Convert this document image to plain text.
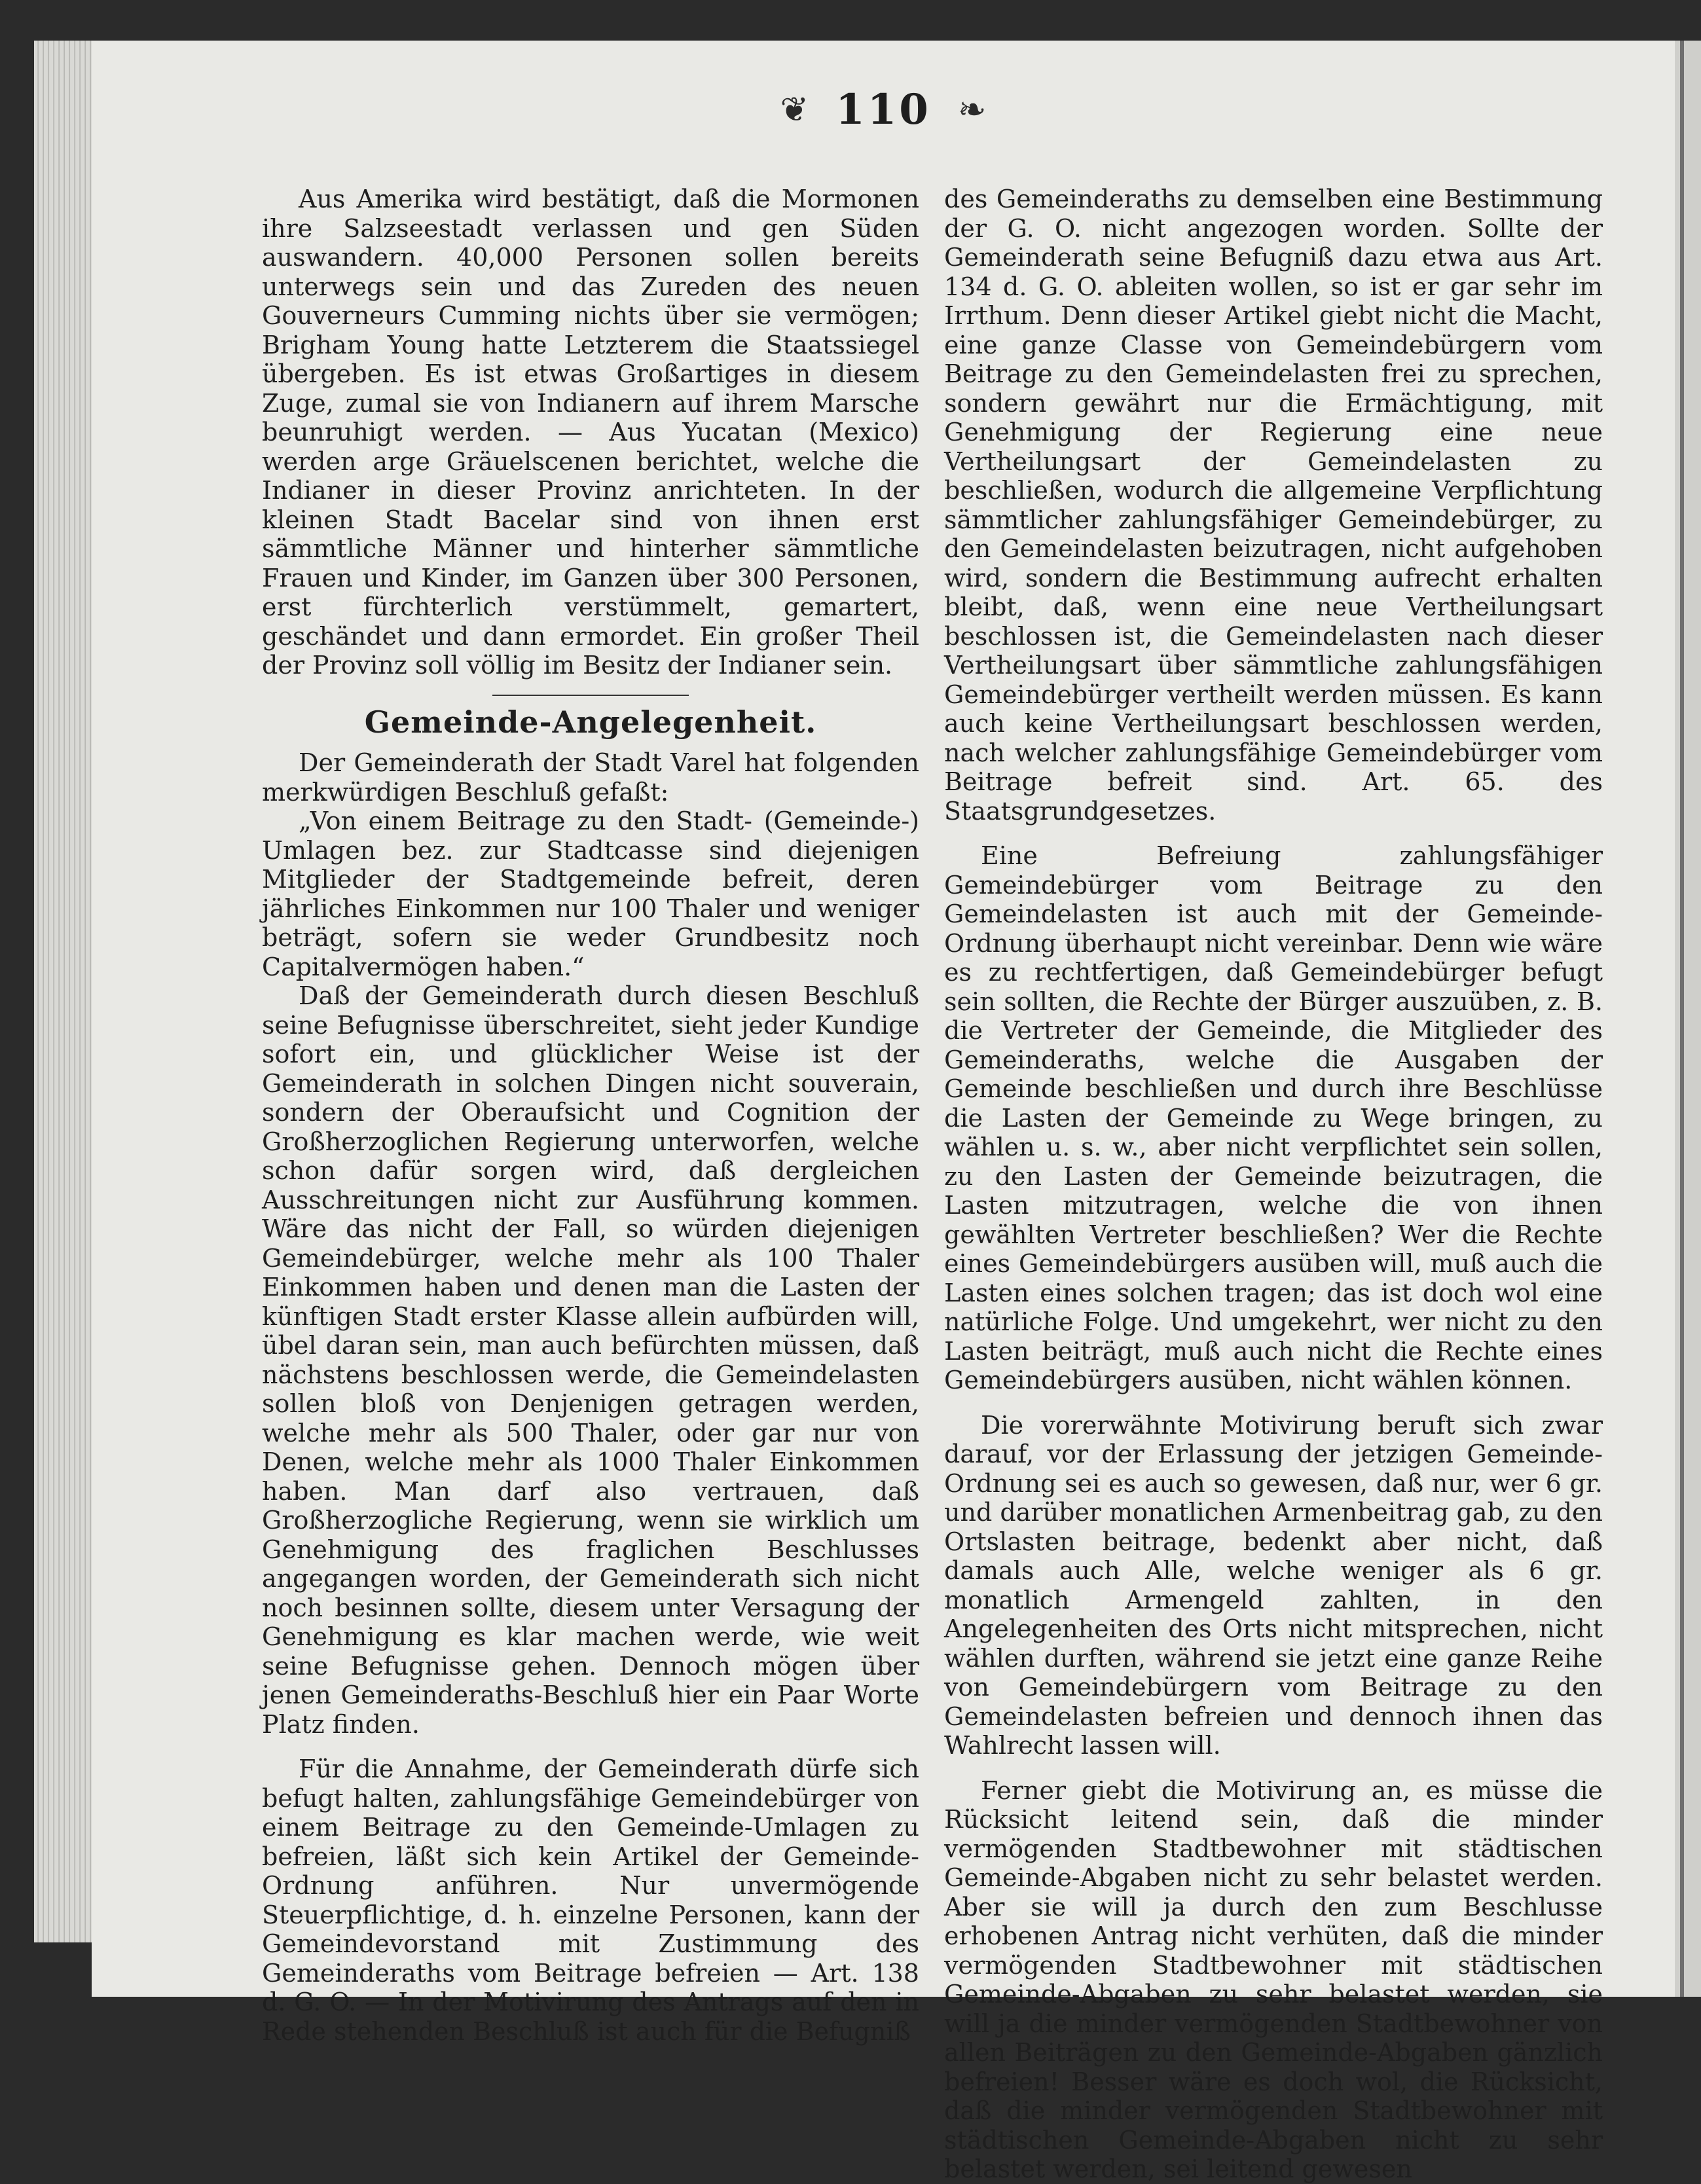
❦ 110 ❧

Aus Amerika wird bestätigt, daß die Mormonen ihre Salzseestadt verlassen und gen Süden auswandern. 40,000 Personen sollen bereits unterwegs sein und das Zureden des neuen Gouverneurs Cumming nichts über sie vermögen; Brigham Young hatte Letzterem die Staatssiegel übergeben. Es ist etwas Großartiges in diesem Zuge, zumal sie von Indianern auf ihrem Marsche beunruhigt werden. — Aus Yucatan (Mexico) werden arge Gräuelscenen berichtet, welche die Indianer in dieser Provinz anrichteten. In der kleinen Stadt Bacelar sind von ihnen erst sämmtliche Männer und hinterher sämmtliche Frauen und Kinder, im Ganzen über 300 Personen, erst fürchterlich verstümmelt, gemartert, geschändet und dann ermordet. Ein großer Theil der Provinz soll völlig im Besitz der Indianer sein.

Gemeinde-Angelegenheit.

Der Gemeinderath der Stadt Varel hat folgenden merkwürdigen Beschluß gefaßt:

„Von einem Beitrage zu den Stadt- (Gemeinde-) Umlagen bez. zur Stadtcasse sind diejenigen Mitglieder der Stadtgemeinde befreit, deren jährliches Einkommen nur 100 Thaler und weniger beträgt, sofern sie weder Grundbesitz noch Capitalvermögen haben.“

Daß der Gemeinderath durch diesen Beschluß seine Befugnisse überschreitet, sieht jeder Kundige sofort ein, und glücklicher Weise ist der Gemeinderath in solchen Dingen nicht souverain, sondern der Oberaufsicht und Cognition der Großherzoglichen Regierung unterworfen, welche schon dafür sorgen wird, daß dergleichen Ausschreitungen nicht zur Ausführung kommen. Wäre das nicht der Fall, so würden diejenigen Gemeindebürger, welche mehr als 100 Thaler Einkommen haben und denen man die Lasten der künftigen Stadt erster Klasse allein aufbürden will, übel daran sein, man auch befürchten müssen, daß nächstens beschlossen werde, die Gemeindelasten sollen bloß von Denjenigen getragen werden, welche mehr als 500 Thaler, oder gar nur von Denen, welche mehr als 1000 Thaler Einkommen haben. Man darf also vertrauen, daß Großherzogliche Regierung, wenn sie wirklich um Genehmigung des fraglichen Beschlusses angegangen worden, der Gemeinderath sich nicht noch besinnen sollte, diesem unter Versagung der Genehmigung es klar machen werde, wie weit seine Befugnisse gehen. Dennoch mögen über jenen Gemeinderaths-Beschluß hier ein Paar Worte Platz finden.

Für die Annahme, der Gemeinderath dürfe sich befugt halten, zahlungsfähige Gemeindebürger von einem Beitrage zu den Gemeinde-Umlagen zu befreien, läßt sich kein Artikel der Gemeinde-Ordnung anführen. Nur unvermögende Steuerpflichtige, d. h. einzelne Personen, kann der Gemeindevorstand mit Zustimmung des Gemeinderaths vom Beitrage befreien — Art. 138 d. G. O. — In der Motivirung des Antrags auf den in Rede stehenden Beschluß ist auch für die Befugniß

des Gemeinderaths zu demselben eine Bestimmung der G. O. nicht angezogen worden. Sollte der Gemeinderath seine Befugniß dazu etwa aus Art. 134 d. G. O. ableiten wollen, so ist er gar sehr im Irrthum. Denn dieser Artikel giebt nicht die Macht, eine ganze Classe von Gemeindebürgern vom Beitrage zu den Gemeindelasten frei zu sprechen, sondern gewährt nur die Ermächtigung, mit Genehmigung der Regierung eine neue Vertheilungsart der Gemeindelasten zu beschließen, wodurch die allgemeine Verpflichtung sämmtlicher zahlungsfähiger Gemeindebürger, zu den Gemeindelasten beizutragen, nicht aufgehoben wird, sondern die Bestimmung aufrecht erhalten bleibt, daß, wenn eine neue Vertheilungsart beschlossen ist, die Gemeindelasten nach dieser Vertheilungsart über sämmtliche zahlungsfähigen Gemeindebürger vertheilt werden müssen. Es kann auch keine Vertheilungsart beschlossen werden, nach welcher zahlungsfähige Gemeindebürger vom Beitrage befreit sind. Art. 65. des Staatsgrundgesetzes.

Eine Befreiung zahlungsfähiger Gemeindebürger vom Beitrage zu den Gemeindelasten ist auch mit der Gemeinde-Ordnung überhaupt nicht vereinbar. Denn wie wäre es zu rechtfertigen, daß Gemeindebürger befugt sein sollten, die Rechte der Bürger auszuüben, z. B. die Vertreter der Gemeinde, die Mitglieder des Gemeinderaths, welche die Ausgaben der Gemeinde beschließen und durch ihre Beschlüsse die Lasten der Gemeinde zu Wege bringen, zu wählen u. s. w., aber nicht verpflichtet sein sollen, zu den Lasten der Gemeinde beizutragen, die Lasten mitzutragen, welche die von ihnen gewählten Vertreter beschließen? Wer die Rechte eines Gemeindebürgers ausüben will, muß auch die Lasten eines solchen tragen; das ist doch wol eine natürliche Folge. Und umgekehrt, wer nicht zu den Lasten beiträgt, muß auch nicht die Rechte eines Gemeindebürgers ausüben, nicht wählen können.

Die vorerwähnte Motivirung beruft sich zwar darauf, vor der Erlassung der jetzigen Gemeinde-Ordnung sei es auch so gewesen, daß nur, wer 6 gr. und darüber monatlichen Armenbeitrag gab, zu den Ortslasten beitrage, bedenkt aber nicht, daß damals auch Alle, welche weniger als 6 gr. monatlich Armengeld zahlten, in den Angelegenheiten des Orts nicht mitsprechen, nicht wählen durften, während sie jetzt eine ganze Reihe von Gemeindebürgern vom Beitrage zu den Gemeindelasten befreien und dennoch ihnen das Wahlrecht lassen will.

Ferner giebt die Motivirung an, es müsse die Rücksicht leitend sein, daß die minder vermögenden Stadtbewohner mit städtischen Gemeinde-Abgaben nicht zu sehr belastet werden. Aber sie will ja durch den zum Beschlusse erhobenen Antrag nicht verhüten, daß die minder vermögenden Stadtbewohner mit städtischen Gemeinde-Abgaben zu sehr belastet werden, sie will ja die minder vermögenden Stadtbewohner von allen Beiträgen zu den Gemeinde-Abgaben gänzlich befreien! Besser wäre es doch wol, die Rücksicht, daß die minder vermögenden Stadtbewohner mit städtischen Gemeinde-Abgaben nicht zu sehr belastet werden, sei leitend gewesen
